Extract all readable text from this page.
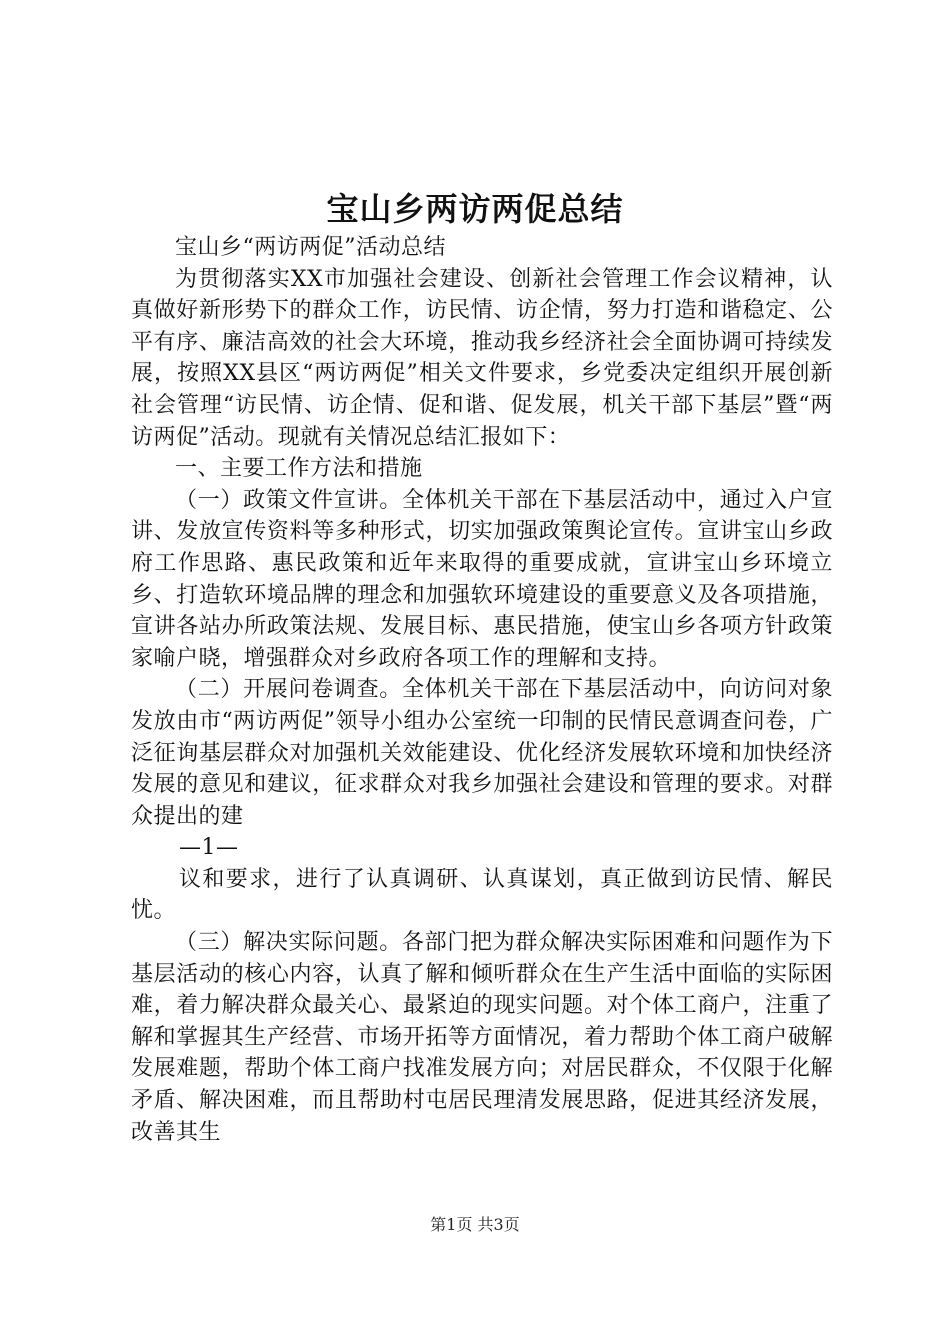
宝山乡两访两促总结

宝山乡“两访两促”活动总结

为贯彻落实XX市加强社会建设、创新社会管理工作会议精神，认真做好新形势下的群众工作，访民情、访企情，努力打造和谐稳定、公平有序、廉洁高效的社会大环境，推动我乡经济社会全面协调可持续发展，按照XX县区“两访两促”相关文件要求，乡党委决定组织开展创新社会管理“访民情、访企情、促和谐、促发展，机关干部下基层”暨“两访两促”活动。现就有关情况总结汇报如下：

一、主要工作方法和措施

（一）政策文件宣讲。全体机关干部在下基层活动中，通过入户宣讲、发放宣传资料等多种形式，切实加强政策舆论宣传。宣讲宝山乡政府工作思路、惠民政策和近年来取得的重要成就，宣讲宝山乡环境立乡、打造软环境品牌的理念和加强软环境建设的重要意义及各项措施，宣讲各站办所政策法规、发展目标、惠民措施，使宝山乡各项方针政策家喻户晓，增强群众对乡政府各项工作的理解和支持。

（二）开展问卷调查。全体机关干部在下基层活动中，向访问对象发放由市“两访两促”领导小组办公室统一印制的民情民意调查问卷，广泛征询基层群众对加强机关效能建设、优化经济发展软环境和加快经济发展的意见和建议，征求群众对我乡加强社会建设和管理的要求。对群众提出的建

—1—

议和要求，进行了认真调研、认真谋划，真正做到访民情、解民忧。

（三）解决实际问题。各部门把为群众解决实际困难和问题作为下基层活动的核心内容，认真了解和倾听群众在生产生活中面临的实际困难，着力解决群众最关心、最紧迫的现实问题。对个体工商户，注重了解和掌握其生产经营、市场开拓等方面情况，着力帮助个体工商户破解发展难题，帮助个体工商户找准发展方向；对居民群众，不仅限于化解矛盾、解决困难，而且帮助村屯居民理清发展思路，促进其经济发展，改善其生

第1页 共3页
